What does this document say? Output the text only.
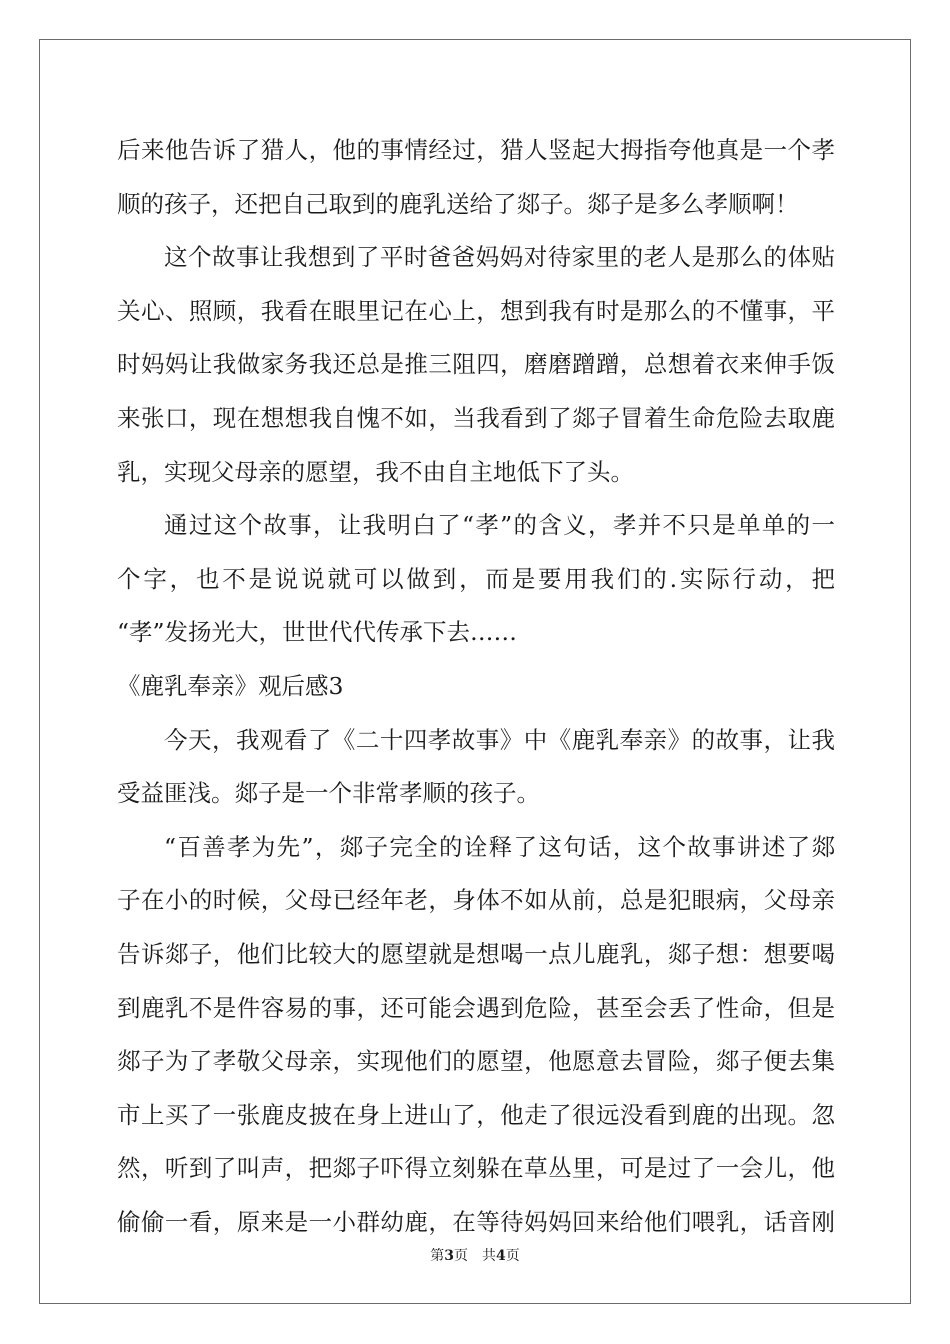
后来他告诉了猎人，他的事情经过，猎人竖起大拇指夸他真是一个孝
顺的孩子，还把自己取到的鹿乳送给了郯子。郯子是多么孝顺啊！
这个故事让我想到了平时爸爸妈妈对待家里的老人是那么的体贴
关心、照顾，我看在眼里记在心上，想到我有时是那么的不懂事，平
时妈妈让我做家务我还总是推三阻四，磨磨蹭蹭，总想着衣来伸手饭
来张口，现在想想我自愧不如，当我看到了郯子冒着生命危险去取鹿
乳，实现父母亲的愿望，我不由自主地低下了头。
通过这个故事，让我明白了“孝”的含义，孝并不只是单单的一
个字，也不是说说就可以做到，而是要用我们的.实际行动，把
“孝”发扬光大，世世代代传承下去……
《鹿乳奉亲》观后感3
今天，我观看了《二十四孝故事》中《鹿乳奉亲》的故事，让我
受益匪浅。郯子是一个非常孝顺的孩子。
“百善孝为先”，郯子完全的诠释了这句话，这个故事讲述了郯
子在小的时候，父母已经年老，身体不如从前，总是犯眼病，父母亲
告诉郯子，他们比较大的愿望就是想喝一点儿鹿乳，郯子想：想要喝
到鹿乳不是件容易的事，还可能会遇到危险，甚至会丢了性命，但是
郯子为了孝敬父母亲，实现他们的愿望，他愿意去冒险，郯子便去集
市上买了一张鹿皮披在身上进山了，他走了很远没看到鹿的出现。忽
然，听到了叫声，把郯子吓得立刻躲在草丛里，可是过了一会儿，他
偷偷一看，原来是一小群幼鹿，在等待妈妈回来给他们喂乳，话音刚
第3页 共4页
